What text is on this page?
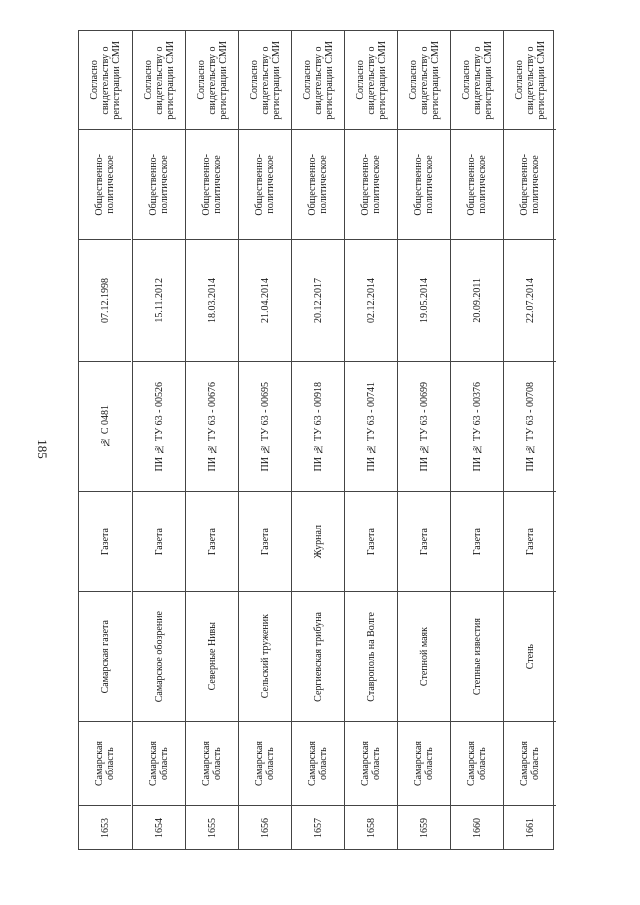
185
1653
Самарская
область
Самарская газета
Газета
№ С 0481
07.12.1998
Общественно-
политическое
Согласно
свидетельству о
регистрации СМИ
1654
Самарская
область
Самарское обозрение
Газета
ПИ № ТУ 63 - 00526
15.11.2012
Общественно-
политическое
Согласно
свидетельству о
регистрации СМИ
1655
Самарская
область
Северные Нивы
Газета
ПИ № ТУ 63 - 00676
18.03.2014
Общественно-
политическое
Согласно
свидетельству о
регистрации СМИ
1656
Самарская
область
Сельский труженик
Газета
ПИ № ТУ 63 - 00695
21.04.2014
Общественно-
политическое
Согласно
свидетельству о
регистрации СМИ
1657
Самарская
область
Сергиевская трибуна
Журнал
ПИ № ТУ 63 - 00918
20.12.2017
Общественно-
политическое
Согласно
свидетельству о
регистрации СМИ
1658
Самарская
область
Ставрополь на Волге
Газета
ПИ № ТУ 63 - 00741
02.12.2014
Общественно-
политическое
Согласно
свидетельству о
регистрации СМИ
1659
Самарская
область
Степной маяк
Газета
ПИ № ТУ 63 - 00699
19.05.2014
Общественно-
политическое
Согласно
свидетельству о
регистрации СМИ
1660
Самарская
область
Степные известия
Газета
ПИ № ТУ 63 - 00376
20.09.2011
Общественно-
политическое
Согласно
свидетельству о
регистрации СМИ
1661
Самарская
область
Стень
Газета
ПИ № ТУ 63 - 00708
22.07.2014
Общественно-
политическое
Согласно
свидетельству о
регистрации СМИ
